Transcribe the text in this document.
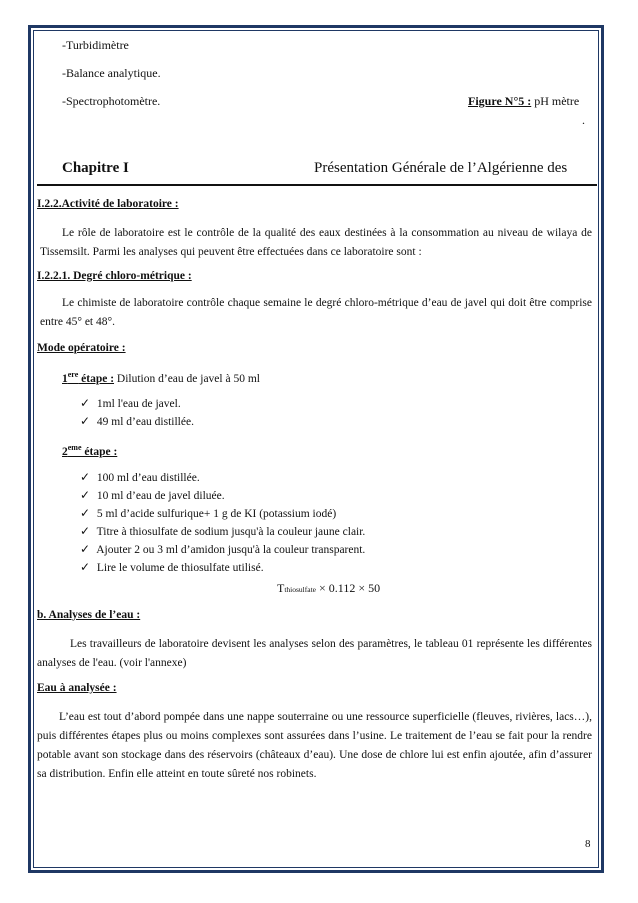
-Turbidimètre
-Balance analytique.
-Spectrophotomètre.	Figure N°5 : pH mètre
.
Chapitre I	Présentation Générale de l’Algérienne des
I.2.2.Activité de laboratoire :
Le rôle de laboratoire est le contrôle de la qualité des eaux destinées à la consommation au niveau de wilaya de Tissemsilt. Parmi les analyses qui peuvent être effectuées dans ce laboratoire sont :
I.2.2.1. Degré chloro-métrique :
Le chimiste de laboratoire contrôle chaque semaine le degré chloro-métrique d’eau de javel qui doit être comprise entre 45° et 48°.
Mode opératoire :
1ere étape : Dilution d’eau de javel à 50 ml
✓ 1ml l'eau de javel.
✓ 49 ml d’eau distillée.
2eme étape :
✓ 100 ml d’eau distillée.
✓ 10 ml d’eau de javel diluée.
✓ 5 ml d’acide sulfurique+ 1 g de KI (potassium iodé)
✓ Titre à thiosulfate de sodium jusqu'à la couleur jaune clair.
✓ Ajouter 2 ou 3 ml d’amidon jusqu'à la couleur transparent.
✓ Lire le volume de thiosulfate utilisé.
Tthiosulfate × 0.112 × 50
b. Analyses de l’eau :
Les travailleurs de laboratoire devisent les analyses selon des paramètres, le tableau 01 représente les différentes analyses de l'eau. (voir l'annexe)
Eau à analysée :
L’eau est tout d’abord pompée dans une nappe souterraine ou une ressource superficielle (fleuves, rivières, lacs…), puis différentes étapes plus ou moins complexes sont assurées dans l’usine. Le traitement de l’eau se fait pour la rendre potable avant son stockage dans des réservoirs (châteaux d’eau). Une dose de chlore lui est enfin ajoutée, afin d’assurer sa distribution. Enfin elle atteint en toute sûreté nos robinets.
8
